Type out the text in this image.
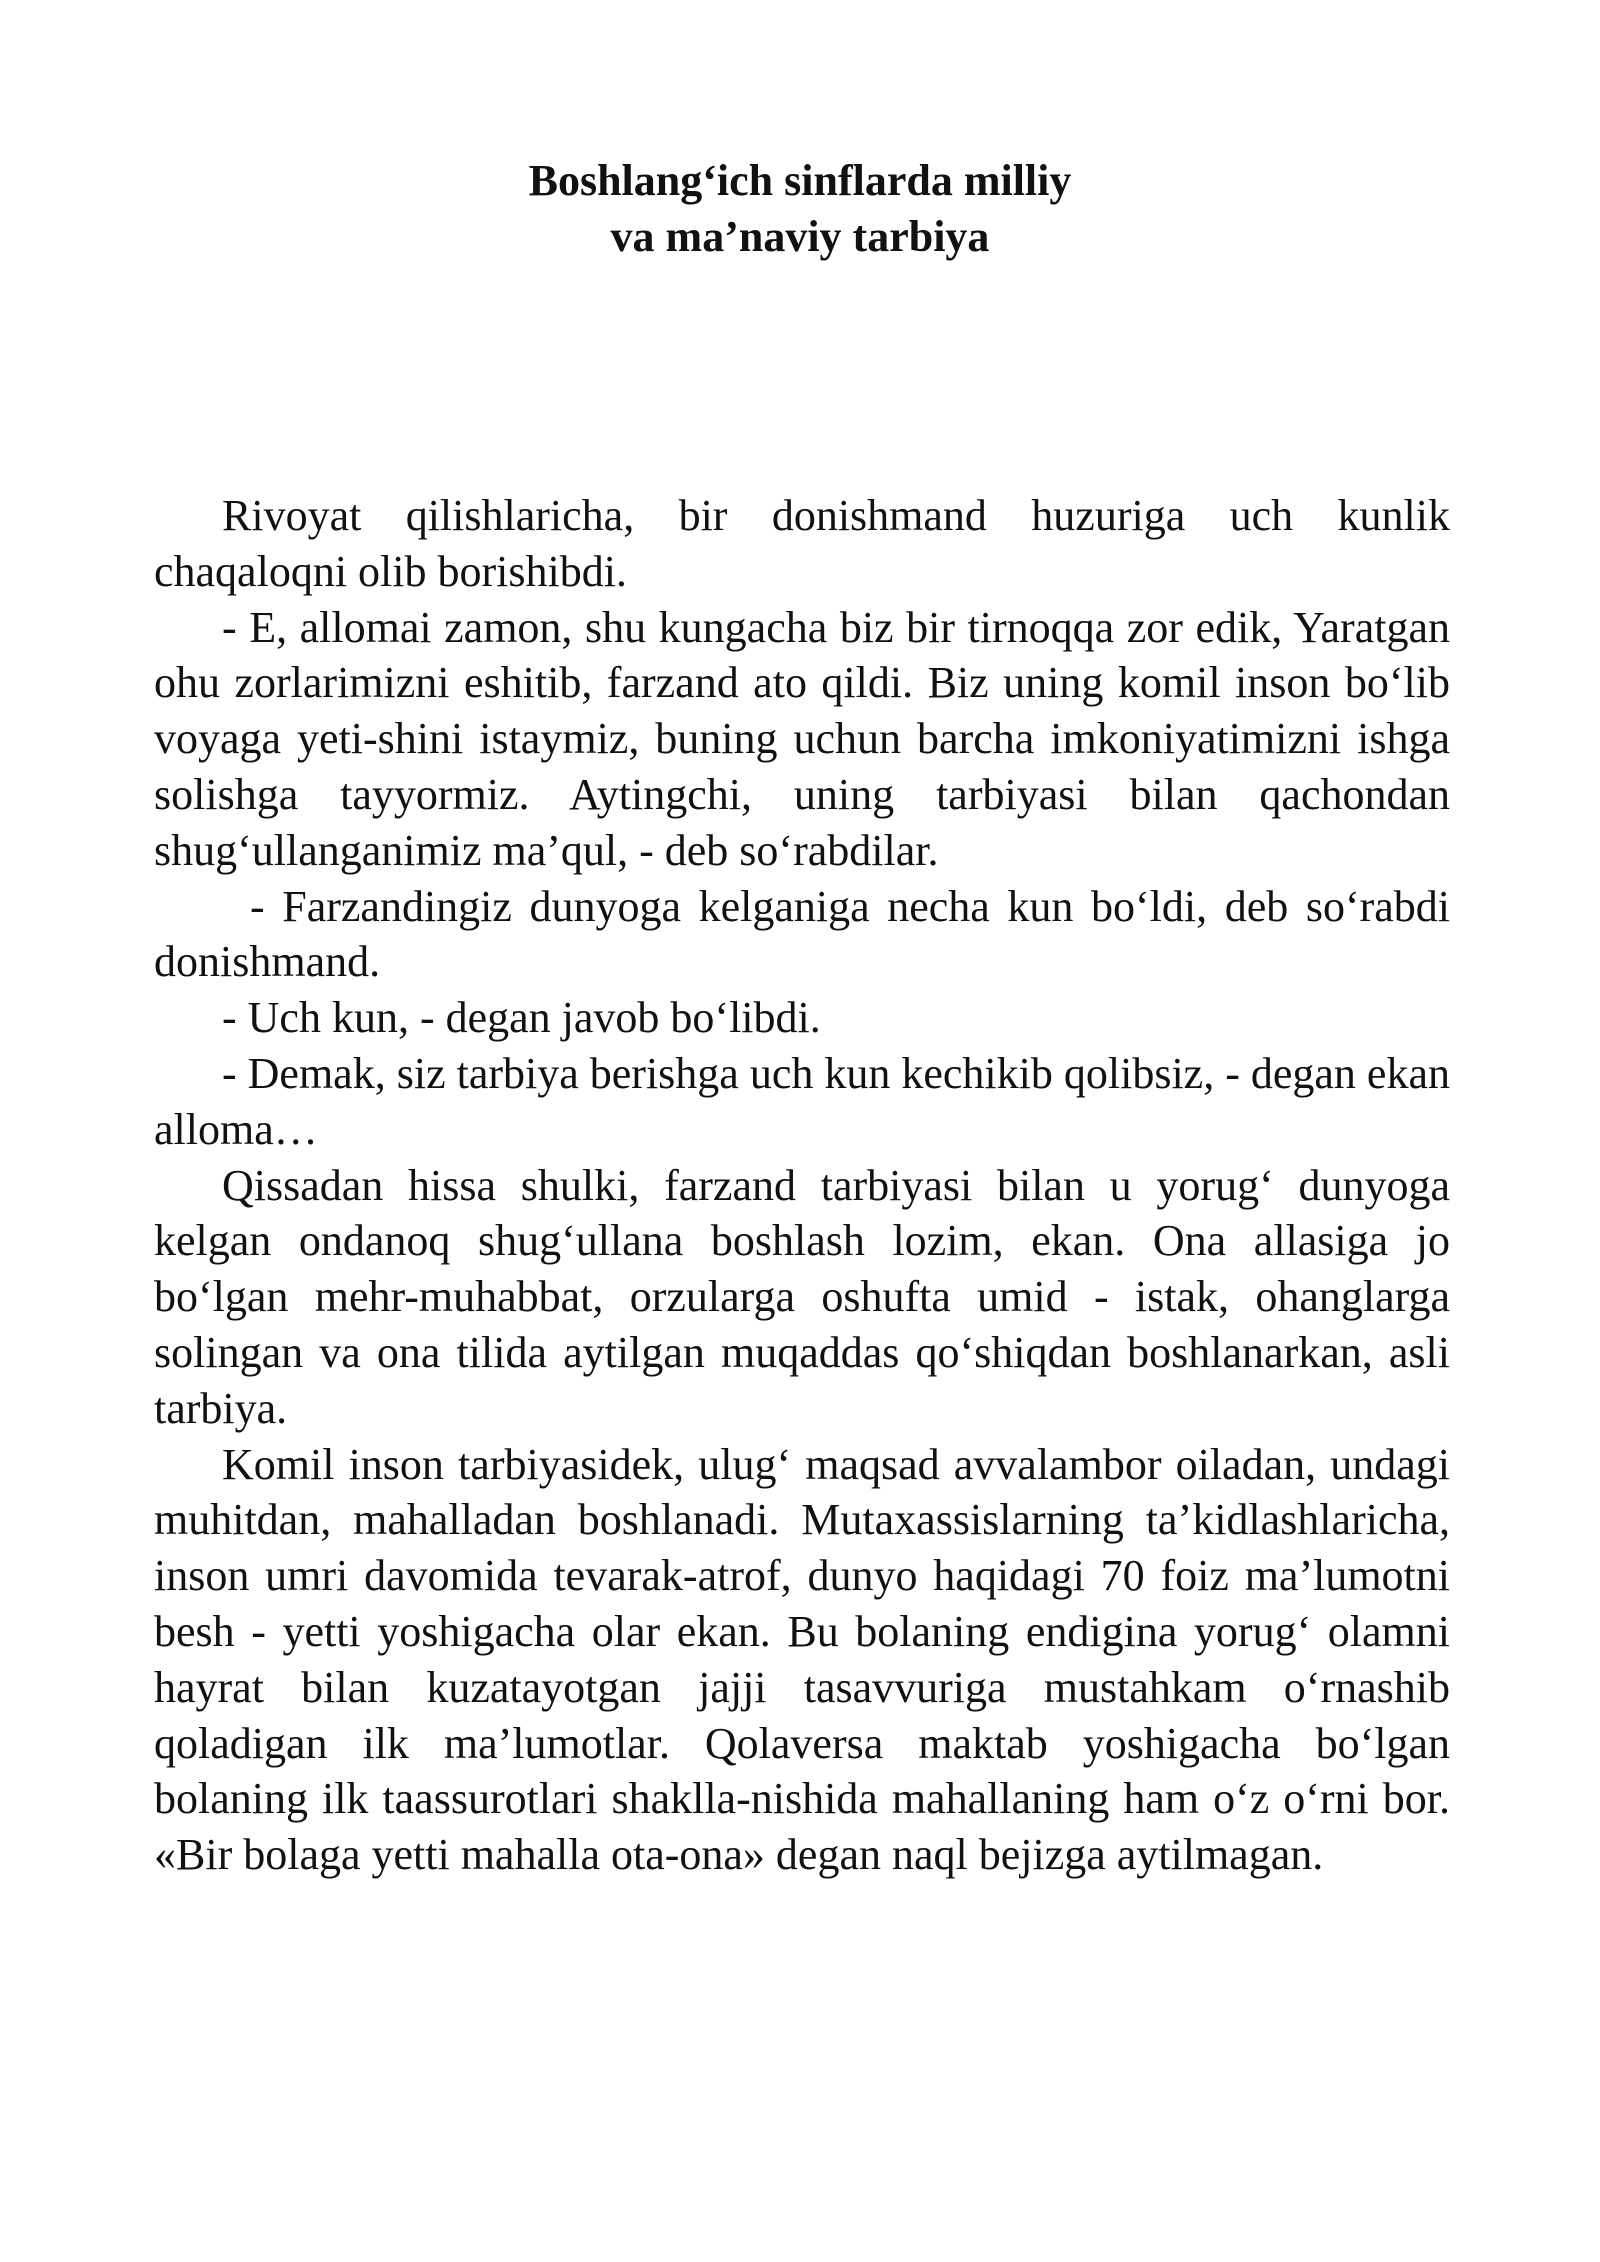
Boshlang‘ich sinflarda milliy
va ma’naviy tarbiya

Rivoyat qilishlaricha, bir donishmand huzuriga uch kunlik chaqaloqni olib borishibdi.

- E, allomai zamon, shu kungacha biz bir tirnoqqa zor edik, Yaratgan ohu zorlarimizni eshitib, farzand ato qildi. Biz uning komil inson bo‘lib voyaga yeti-shini istaymiz, buning uchun barcha imkoniyatimizni ishga solishga tayyormiz. Aytingchi, uning tarbiyasi bilan qachondan shug‘ullanganimiz ma’qul, - deb so‘rabdilar.

- Farzandingiz dunyoga kelganiga necha kun bo‘ldi, deb so‘rabdi donishmand.

- Uch kun, - degan javob bo‘libdi.

- Demak, siz tarbiya berishga uch kun kechikib qolibsiz, - degan ekan alloma…

Qissadan hissa shulki, farzand tarbiyasi bilan u yorug‘ dunyoga kelgan ondanoq shug‘ullana boshlash lozim, ekan. Ona allasiga jo bo‘lgan mehr-muhabbat, orzularga oshufta umid - istak, ohanglarga solingan va ona tilida aytilgan muqaddas qo‘shiqdan boshlanarkan, asli tarbiya.

Komil inson tarbiyasidek, ulug‘ maqsad avvalambor oiladan, undagi muhitdan, mahalladan boshlanadi. Mutaxassislarning ta’kidlashlaricha, inson umri davomida tevarak-atrof, dunyo haqidagi 70 foiz ma’lumotni besh - yetti yoshigacha olar ekan. Bu bolaning endigina yorug‘ olamni hayrat bilan kuzatayotgan jajji tasavvuriga mustahkam o‘rnashib qoladigan ilk ma’lumotlar. Qolaversa maktab yoshigacha bo‘lgan bolaning ilk taassurotlari shaklla-nishida mahallaning ham o‘z o‘rni bor. «Bir bolaga yetti mahalla ota-ona» degan naql bejizga aytilmagan.
